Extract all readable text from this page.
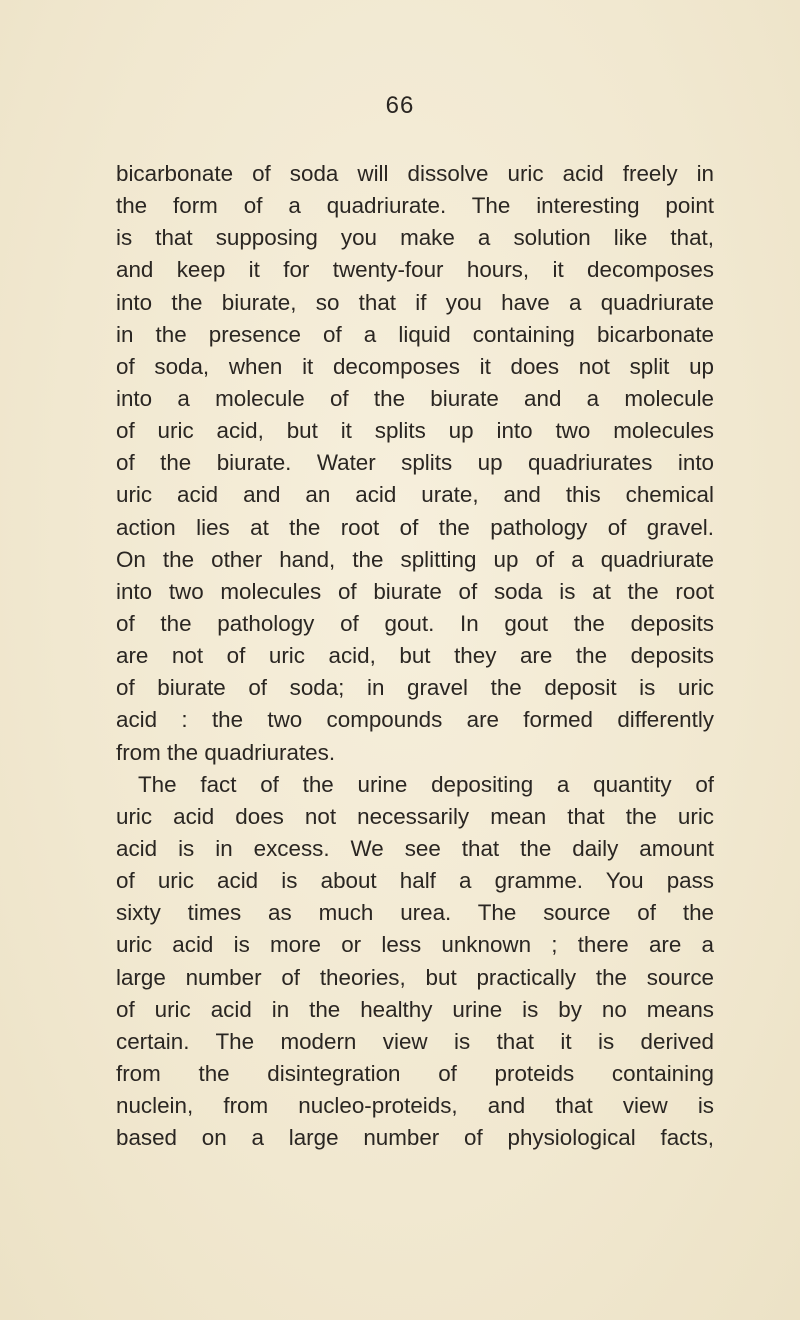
66
bicarbonate of soda will dissolve uric acid freely in
the form of a quadriurate. The interesting point
is that supposing you make a solution like that,
and keep it for twenty-four hours, it decomposes
into the biurate, so that if you have a quadriurate
in the presence of a liquid containing bicarbonate
of soda, when it decomposes it does not split up
into a molecule of the biurate and a molecule
of uric acid, but it splits up into two molecules
of the biurate. Water splits up quadriurates into
uric acid and an acid urate, and this chemical
action lies at the root of the pathology of gravel.
On the other hand, the splitting up of a quadriurate
into two molecules of biurate of soda is at the root
of the pathology of gout. In gout the deposits
are not of uric acid, but they are the deposits
of biurate of soda; in gravel the deposit is uric
acid : the two compounds are formed differently
from the quadriurates.
The fact of the urine depositing a quantity of
uric acid does not necessarily mean that the uric
acid is in excess. We see that the daily amount
of uric acid is about half a gramme. You pass
sixty times as much urea. The source of the
uric acid is more or less unknown ; there are a
large number of theories, but practically the source
of uric acid in the healthy urine is by no means
certain. The modern view is that it is derived
from the disintegration of proteids containing
nuclein, from nucleo-proteids, and that view is
based on a large number of physiological facts,
